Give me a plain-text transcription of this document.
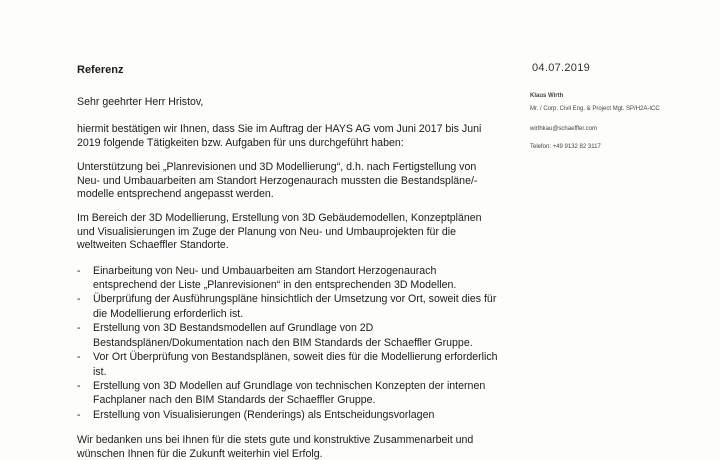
Referenz	04.07.2019

Sehr geehrter Herr Hristov,

hiermit bestätigen wir Ihnen, dass Sie im Auftrag der HAYS AG vom Juni 2017 bis Juni 2019 folgende Tätigkeiten bzw. Aufgaben für uns durchgeführt haben:

Unterstützung bei „Planrevisionen und 3D Modellierung“, d.h. nach Fertigstellung von Neu- und Umbauarbeiten am Standort Herzogenaurach mussten die Bestandspläne/-modelle entsprechend angepasst werden.

Im Bereich der 3D Modellierung, Erstellung von 3D Gebäudemodellen, Konzeptplänen und Visualisierungen im Zuge der Planung von Neu- und Umbauprojekten für die weltweiten Schaeffler Standorte.

-	Einarbeitung von Neu- und Umbauarbeiten am Standort Herzogenaurach entsprechend der Liste „Planrevisionen“ in den entsprechenden 3D Modellen.
-	Überprüfung der Ausführungspläne hinsichtlich der Umsetzung vor Ort, soweit dies für die Modellierung erforderlich ist.
-	Erstellung von 3D Bestandsmodellen auf Grundlage von 2D Bestandsplänen/Dokumentation nach den BIM Standards der Schaeffler Gruppe.
-	Vor Ort Überprüfung von Bestandsplänen, soweit dies für die Modellierung erforderlich ist.
-	Erstellung von 3D Modellen auf Grundlage von technischen Konzepten der internen Fachplaner nach den BIM Standards der Schaeffler Gruppe.
-	Erstellung von Visualisierungen (Renderings) als Entscheidungsvorlagen

Wir bedanken uns bei Ihnen für die stets gute und konstruktive Zusammenarbeit und wünschen Ihnen für die Zukunft weiterhin viel Erfolg.

Klaus Wirth
Mr. / Corp. Civil Eng. & Project Mgt. SP/H2A-ICC
wirthkau@schaeffler.com
Telefon: +49 9132 82 3117
